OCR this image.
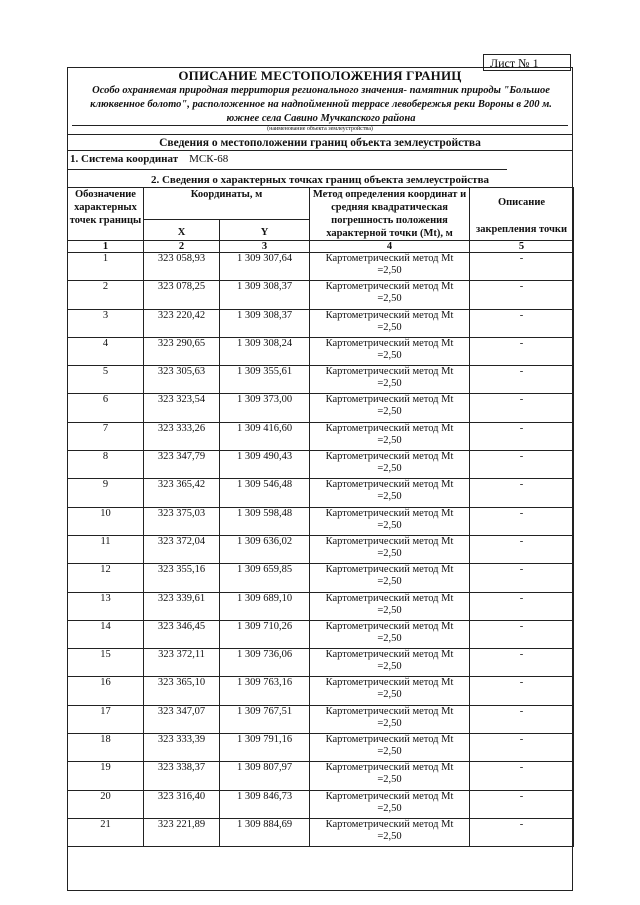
Лист № 1
ОПИСАНИЕ МЕСТОПОЛОЖЕНИЯ ГРАНИЦ
Особо охраняемая природная территория регионального значения- памятник природы "Большое клюквенное болото", расположенное на надпойменной террасе левобережья реки Вороны в 200 м. южнее села Савино Мучкапского района
(наименование объекта землеустройства)
Сведения о местоположении границ объекта землеустройства
1. Система координат МСК-68
2. Сведения о характерных точках границ объекта землеустройства
Обозначение характерных точек границы	Координаты, м		Метод определения координат и средняя квадратическая погрешность положения характерной точки (Mt), м	Описание
закрепления точки

	X	Y		
1	2	3	4	5
1	323 058,93	1 309 307,64	Картометрический метод Mt
=2,50	-
2	323 078,25	1 309 308,37	Картометрический метод Mt
=2,50	-
3	323 220,42	1 309 308,37	Картометрический метод Mt
=2,50	-
4	323 290,65	1 309 308,24	Картометрический метод Mt
=2,50	-
5	323 305,63	1 309 355,61	Картометрический метод Mt
=2,50	-
6	323 323,54	1 309 373,00	Картометрический метод Mt
=2,50	-
7	323 333,26	1 309 416,60	Картометрический метод Mt
=2,50	-
8	323 347,79	1 309 490,43	Картометрический метод Mt
=2,50	-
9	323 365,42	1 309 546,48	Картометрический метод Mt
=2,50	-
10	323 375,03	1 309 598,48	Картометрический метод Mt
=2,50	-
11	323 372,04	1 309 636,02	Картометрический метод Mt
=2,50	-
12	323 355,16	1 309 659,85	Картометрический метод Mt
=2,50	-
13	323 339,61	1 309 689,10	Картометрический метод Mt
=2,50	-
14	323 346,45	1 309 710,26	Картометрический метод Mt
=2,50	-
15	323 372,11	1 309 736,06	Картометрический метод Mt
=2,50	-
16	323 365,10	1 309 763,16	Картометрический метод Mt
=2,50	-
17	323 347,07	1 309 767,51	Картометрический метод Mt
=2,50	-
18	323 333,39	1 309 791,16	Картометрический метод Mt
=2,50	-
19	323 338,37	1 309 807,97	Картометрический метод Mt
=2,50	-
20	323 316,40	1 309 846,73	Картометрический метод Mt
=2,50	-
21	323 221,89	1 309 884,69	Картометрический метод Mt
=2,50	-
